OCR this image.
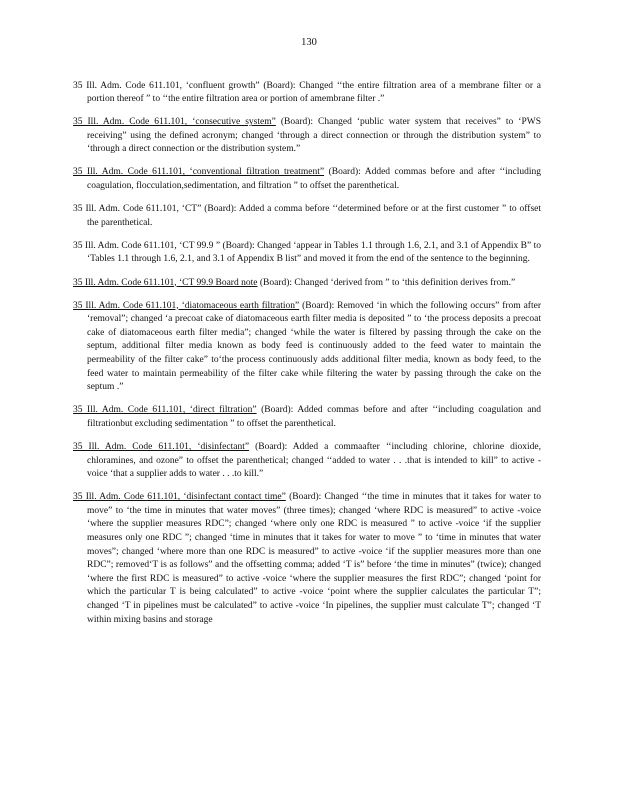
130

35 Ill. Adm. Code 611.101, ‘confluent growth” (Board): Changed ‘‘the entire filtration area of a membrane filter or a portion thereof ” to ‘‘the entire filtration area or portion of amembrane filter .”

35 Ill. Adm. Code 611.101, ‘consecutive system” (Board): Changed ‘public water system that receives” to ‘PWS receiving” using the defined acronym; changed ‘through a direct connection or through the distribution system” to ‘through a direct connection or the distribution system.”

35 Ill. Adm. Code 611.101, ‘conventional filtration treatment” (Board): Added commas before and after ‘‘including coagulation, flocculation,sedimentation, and filtration ” to offset the parenthetical.

35 Ill. Adm. Code 611.101, ‘CT” (Board): Added a comma before ‘‘determined before or at the first customer ” to offset the parenthetical.

35 Ill. Adm. Code 611.101, ‘CT 99.9 ” (Board): Changed ‘appear in Tables 1.1 through 1.6, 2.1, and 3.1 of Appendix B” to ‘Tables 1.1 through 1.6, 2.1, and 3.1 of Appendix B list” and moved it from the end of the sentence to the beginning.

35 Ill. Adm. Code 611.101, ‘CT 99.9 Board note (Board): Changed ‘derived from ” to ‘this definition derives from.”

35 Ill. Adm. Code 611.101, ‘diatomaceous earth filtration” (Board): Removed ‘in which the following occurs” from after ‘removal”; changed ‘a precoat cake of diatomaceous earth filter media is deposited ” to ‘the process deposits a precoat cake of diatomaceous earth filter media”; changed ‘while the water is filtered by passing through the cake on the septum, additional filter media known as body feed is continuously added to the feed water to maintain the permeability of the filter cake” to‘the process continuously adds additional filter media, known as body feed, to the feed water to maintain permeability of the filter cake while filtering the water by passing through the cake on the septum .”

35 Ill. Adm. Code 611.101, ‘direct filtration” (Board): Added commas before and after ‘‘including coagulation and filtrationbut excluding sedimentation ” to offset the parenthetical.

35 Ill. Adm. Code 611.101, ‘disinfectant” (Board): Added a commaafter ‘‘including chlorine, chlorine dioxide, chloramines, and ozone” to offset the parenthetical; changed ‘‘added to water . . .that is intended to kill” to active -voice ‘that a supplier adds to water . . .to kill.”

35 Ill. Adm. Code 611.101, ‘disinfectant contact time” (Board): Changed ‘‘the time in minutes that it takes for water to move” to ‘the time in minutes that water moves” (three times); changed ‘where RDC is measured” to active -voice ‘where the supplier measures RDC”; changed ‘where only one RDC is measured ” to active -voice ‘if the supplier measures only one RDC ”; changed ‘time in minutes that it takes for water to move ” to ‘time in minutes that water moves”; changed ‘where more than one RDC is measured” to active -voice ‘if the supplier measures more than one RDC”; removed‘T is as follows” and the offsetting comma; added ‘T is” before ‘the time in minutes” (twice); changed ‘where the first RDC is measured” to active -voice ‘where the supplier measures the first RDC”; changed ‘point for which the particular T is being calculated” to active -voice ‘point where the supplier calculates the particular T”; changed ‘T in pipelines must be calculated” to active -voice ‘In pipelines, the supplier must calculate T”; changed ‘T within mixing basins and storage
